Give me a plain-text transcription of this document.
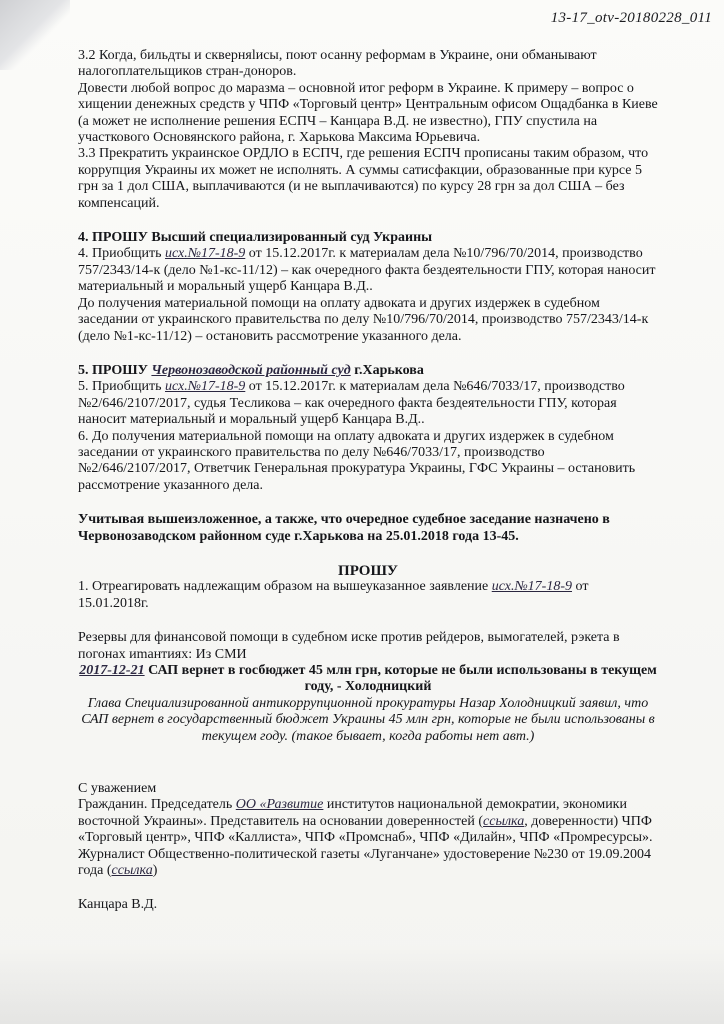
13-17_otv-20180228_011

3.2 Когда, бильдты и скверняlисы, поют осанну реформам в Украине, они обманывают налогоплательщиков стран-доноров.

Довести любой вопрос до маразма – основной итог реформ в Украине. К примеру – вопрос о хищении денежных средств у ЧПФ «Торговый центр» Центральным офисом Ощадбанка в Киеве (а может не исполнение решения ЕСПЧ – Канцара В.Д. не известно), ГПУ спустила на участкового Основянского района, г. Харькова Максима Юрьевича.

3.3 Прекратить украинское ОРДЛО в ЕСПЧ, где решения ЕСПЧ прописаны таким образом, что коррупция Украины их может не исполнять. А суммы сатисфакции, образованные при курсе 5 грн за 1 дол США, выплачиваются (и не выплачиваются) по курсу 28 грн за дол США – без компенсаций.

4. ПРОШУ Высший специализированный суд Украины

4. Приобщить исх.№17-18-9 от 15.12.2017г. к материалам дела №10/796/70/2014, производство 757/2343/14-к (дело №1-кс-11/12) – как очередного факта бездеятельности ГПУ, которая наносит материальный и моральный ущерб Канцара В.Д..

До получения материальной помощи на оплату адвоката и других издержек в судебном заседании от украинского правительства по делу №10/796/70/2014, производство 757/2343/14-к (дело №1-кс-11/12) – остановить рассмотрение указанного дела.

5. ПРОШУ Червонозаводской районный суд г.Харькова

5. Приобщить исх.№17-18-9 от 15.12.2017г. к материалам дела №646/7033/17, производство №2/646/2107/2017, судья Тесликова – как очередного факта бездеятельности ГПУ, которая наносит материальный и моральный ущерб Канцара В.Д..

6. До получения материальной помощи на оплату адвоката и других издержек в судебном заседании от украинского правительства по делу №646/7033/17, производство №2/646/2107/2017, Ответчик Генеральная прокуратура Украины, ГФС Украины – остановить рассмотрение указанного дела.

Учитывая вышеизложенное, а также, что очередное судебное заседание назначено в Червонозаводском районном суде г.Харькова на 25.01.2018 года 13-45.

ПРОШУ

1. Отреагировать надлежащим образом на вышеуказанное заявление исх.№17-18-9 от 15.01.2018г.

Резервы для финансовой помощи в судебном иске против рейдеров, вымогателей, рэкета в погонах иmантиях: Из СМИ

2017-12-21 САП вернет в госбюджет 45 млн грн, которые не были использованы в текущем году, - Холодницкий

Глава Специализированной антикоррупционной прокуратуры Назар Холодницкий заявил, что САП вернет в государственный бюджет Украины 45 млн грн, которые не были использованы в текущем году. (такое бывает, когда работы нет авт.)

С уважением

Гражданин. Председатель ОО «Развитие институтов национальной демократии, экономики восточной Украины». Представитель на основании доверенностей (ссылка, доверенности) ЧПФ «Торговый центр», ЧПФ «Каллиста», ЧПФ «Промснаб», ЧПФ «Дилайн», ЧПФ «Промресурсы». Журналист Общественно-политической газеты «Луганчане» удостоверение №230 от 19.09.2004 года (ссылка)

Канцара В.Д.
